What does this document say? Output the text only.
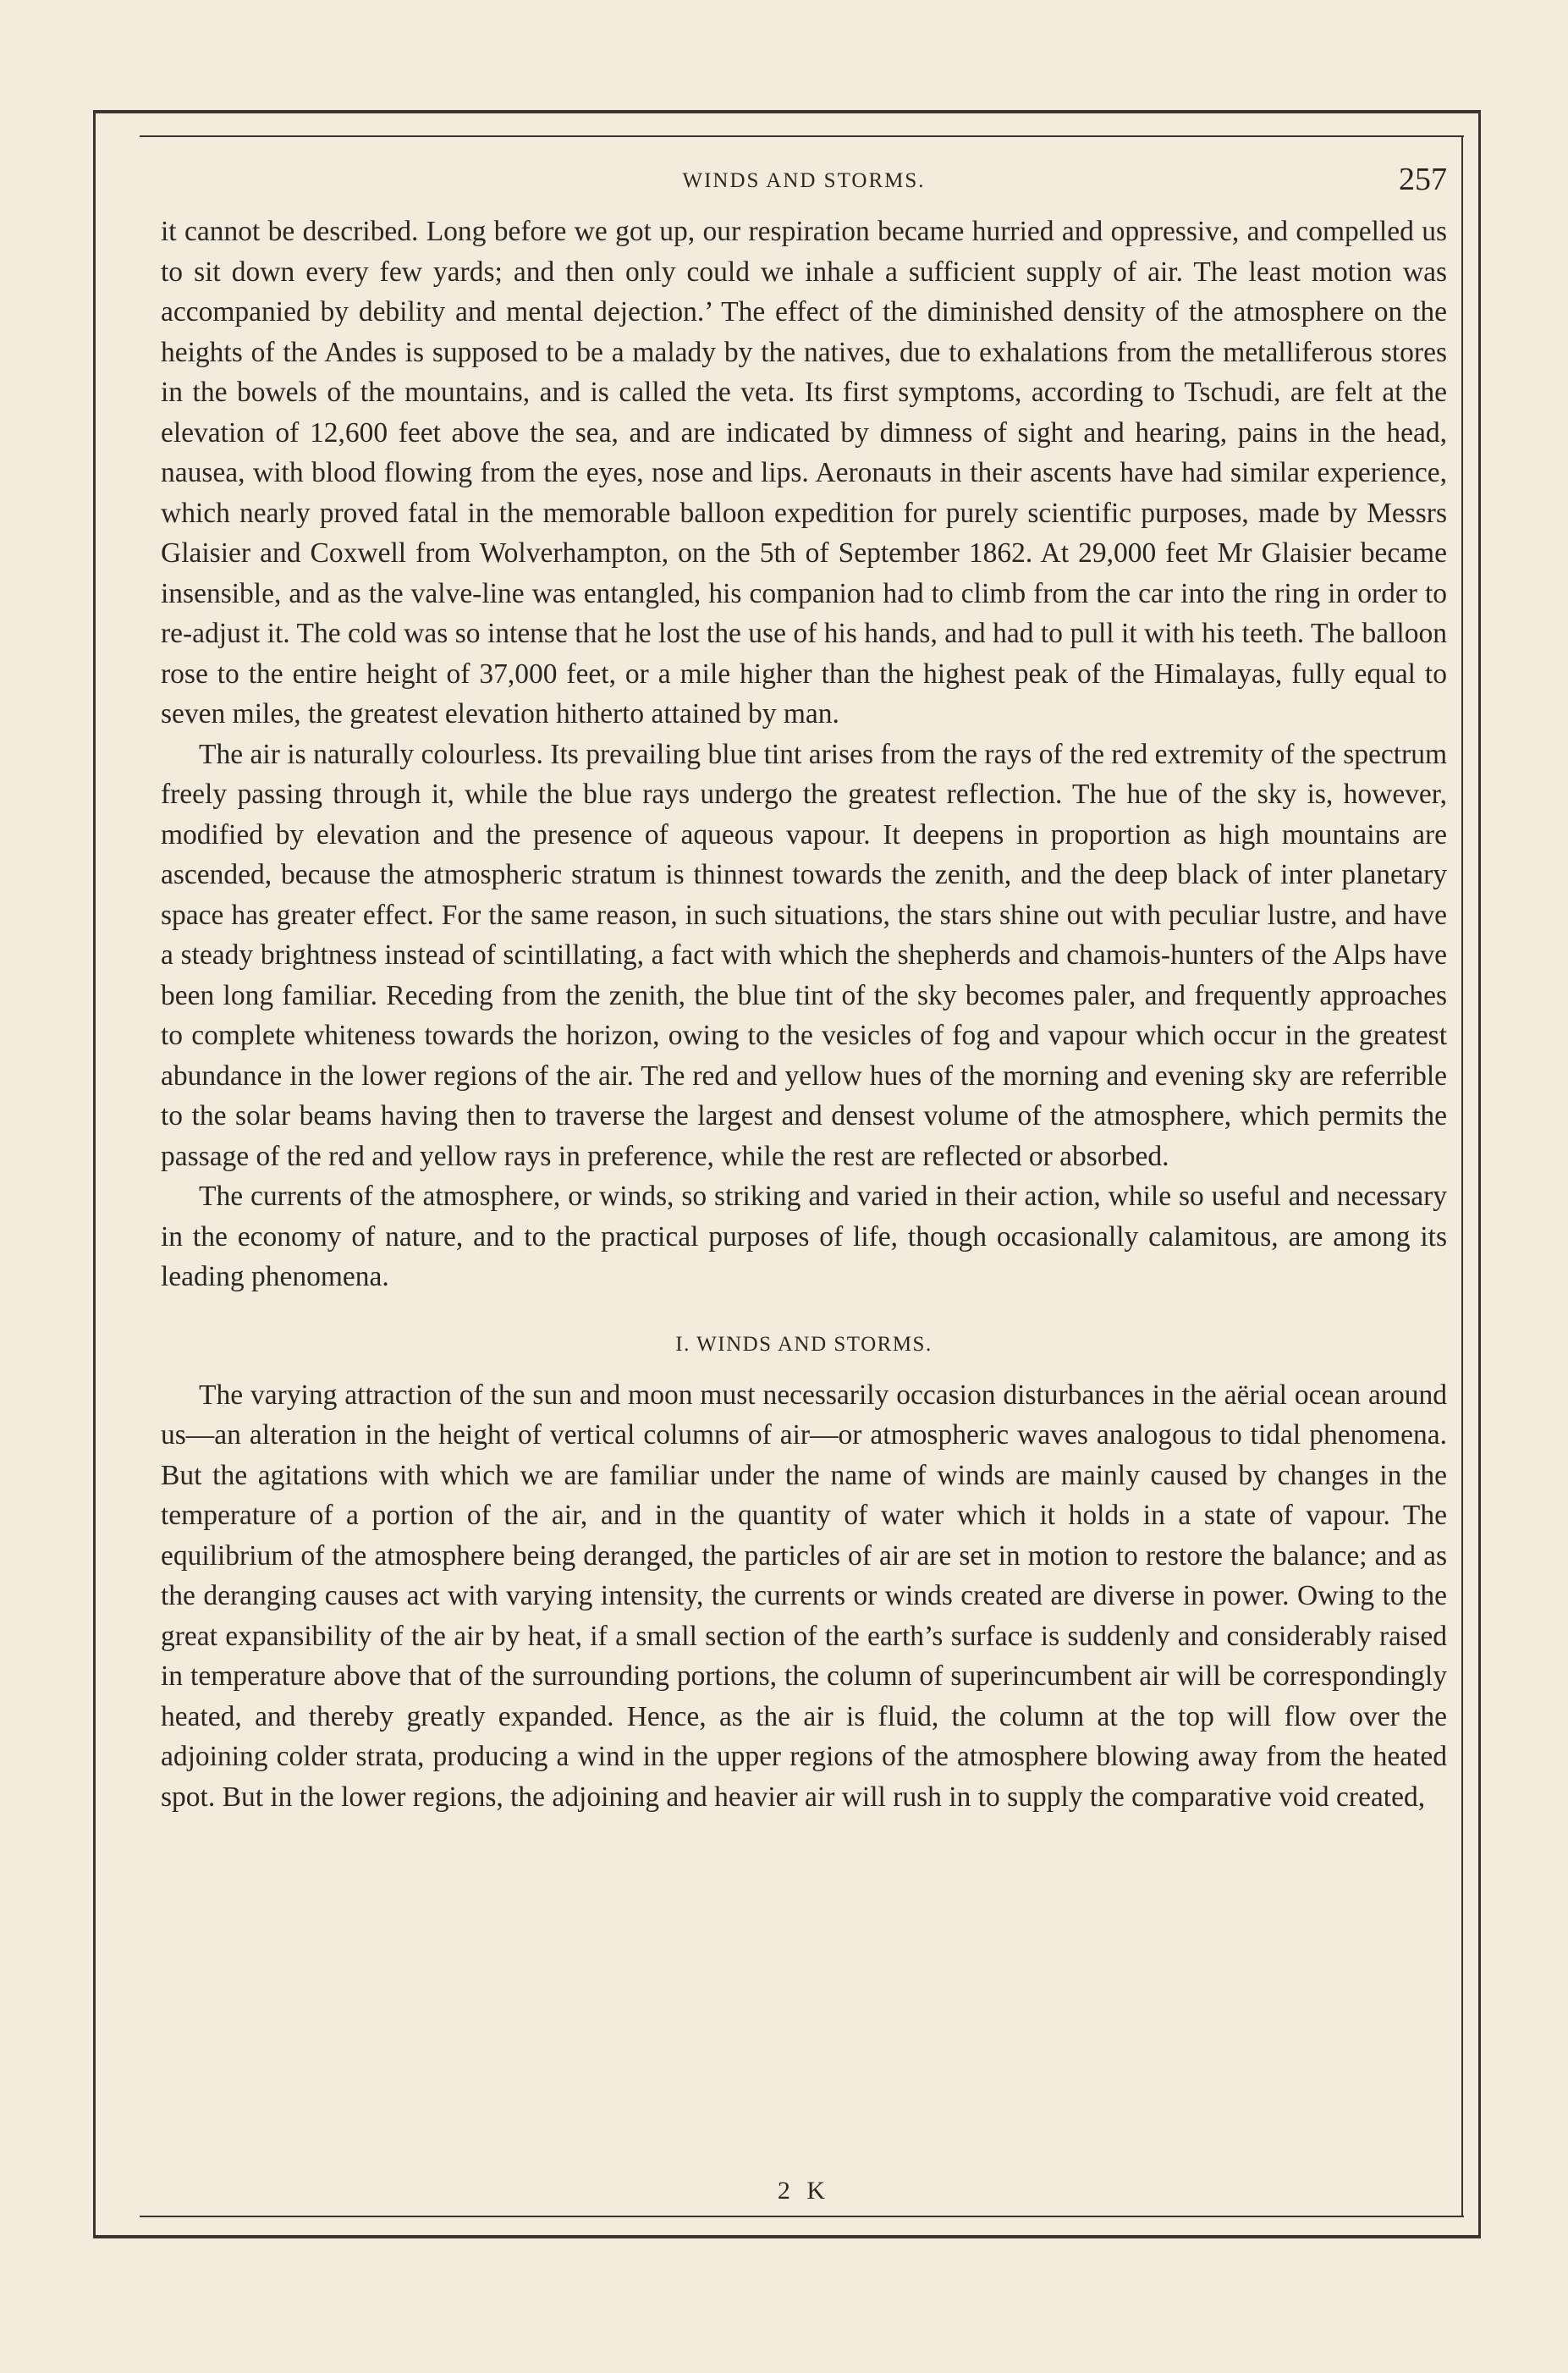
WINDS AND STORMS.	257

it cannot be described. Long before we got up, our respiration became hurried and oppressive, and compelled us to sit down every few yards; and then only could we inhale a sufficient supply of air. The least motion was accompanied by debility and mental dejection.’ The effect of the diminished density of the atmosphere on the heights of the Andes is supposed to be a malady by the natives, due to exhalations from the metalliferous stores in the bowels of the mountains, and is called the veta. Its first symptoms, according to Tschudi, are felt at the elevation of 12,600 feet above the sea, and are indicated by dimness of sight and hearing, pains in the head, nausea, with blood flowing from the eyes, nose and lips. Aeronauts in their ascents have had similar experience, which nearly proved fatal in the memorable balloon expedition for purely scientific purposes, made by Messrs Glaisier and Coxwell from Wolverhampton, on the 5th of September 1862. At 29,000 feet Mr Glaisier became insensible, and as the valve-line was entangled, his companion had to climb from the car into the ring in order to re-adjust it. The cold was so intense that he lost the use of his hands, and had to pull it with his teeth. The balloon rose to the entire height of 37,000 feet, or a mile higher than the highest peak of the Himalayas, fully equal to seven miles, the greatest elevation hitherto attained by man.

The air is naturally colourless. Its prevailing blue tint arises from the rays of the red extremity of the spectrum freely passing through it, while the blue rays undergo the greatest reflection. The hue of the sky is, however, modified by elevation and the presence of aqueous vapour. It deepens in proportion as high mountains are ascended, because the atmospheric stratum is thinnest towards the zenith, and the deep black of inter planetary space has greater effect. For the same reason, in such situations, the stars shine out with peculiar lustre, and have a steady brightness instead of scintillating, a fact with which the shepherds and chamois-hunters of the Alps have been long familiar. Receding from the zenith, the blue tint of the sky becomes paler, and frequently approaches to complete whiteness towards the horizon, owing to the vesicles of fog and vapour which occur in the greatest abundance in the lower regions of the air. The red and yellow hues of the morning and evening sky are referrible to the solar beams having then to traverse the largest and densest volume of the atmosphere, which permits the passage of the red and yellow rays in preference, while the rest are reflected or absorbed.

The currents of the atmosphere, or winds, so striking and varied in their action, while so useful and necessary in the economy of nature, and to the practical purposes of life, though occasionally calamitous, are among its leading phenomena.

I. WINDS AND STORMS.

The varying attraction of the sun and moon must necessarily occasion disturbances in the aërial ocean around us—an alteration in the height of vertical columns of air—or atmospheric waves analogous to tidal phenomena. But the agitations with which we are familiar under the name of winds are mainly caused by changes in the temperature of a portion of the air, and in the quantity of water which it holds in a state of vapour. The equilibrium of the atmosphere being deranged, the particles of air are set in motion to restore the balance; and as the deranging causes act with varying intensity, the currents or winds created are diverse in power. Owing to the great expansibility of the air by heat, if a small section of the earth’s surface is suddenly and considerably raised in temperature above that of the surrounding portions, the column of superincumbent air will be correspondingly heated, and thereby greatly expanded. Hence, as the air is fluid, the column at the top will flow over the adjoining colder strata, producing a wind in the upper regions of the atmosphere blowing away from the heated spot. But in the lower regions, the adjoining and heavier air will rush in to supply the comparative void created,

2 K
